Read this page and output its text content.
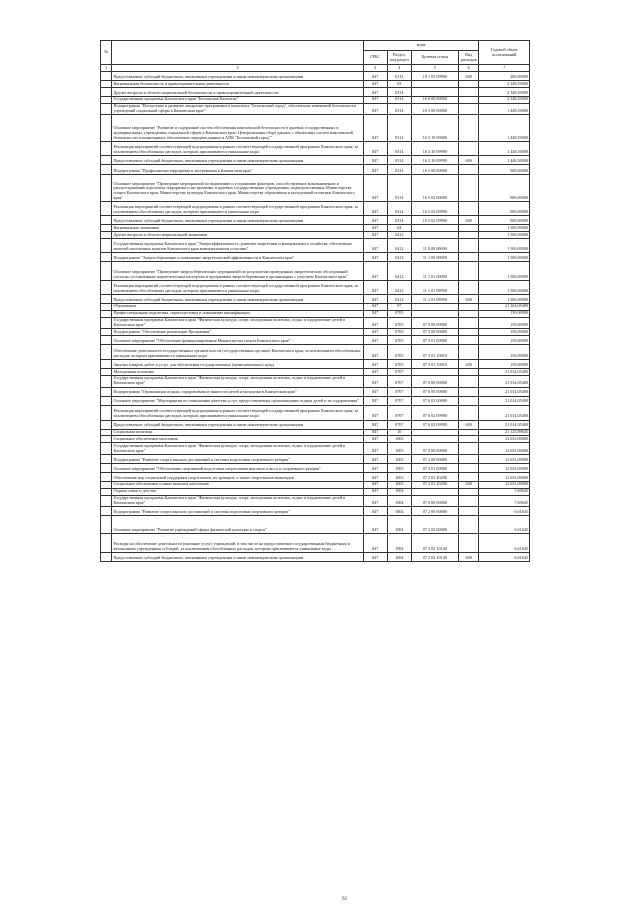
№		коды				Годовой объем ассигнований
		ГРБС	Раздел, под-раздел	Целевая статья	Вид расходов	
1	2	3	4	5	6	7
	Предоставление субсидий бюджетным, автономным учреждениям и иным некоммерческим организациям	847	0113	19 1 03 09990	600	280,00000
	Национальная безопасность и правоохранительная деятельность	847	03			2 348,50000
	Другие вопросы в области национальной безопасности и правоохранительной деятельности	847	0314			2 348,50000
	Государственная программа Камчатского края "Безопасная Камчатка"	847	0314	16 0 00 00000		2 348,50000
	Подпрограмма "Построение и развитие аппаратно-программного комплекса "Безопасный город", обеспечение изменений безопасности учреждений социальной сферы в Камчатском крае"	847	0314	16 3 00 00000		1 448,50000
	Основное мероприятие "Развитие и содержание систем обеспечения комплексной безопасности в краевых государственных и муниципальных учреждениях социальной сферы в Камчатском крае. Централизация сбора данных с объектовых систем комплексной безопасности и мониторинга, обеспечение передачи данных в АПК "Безопасный город""	847	0314	16 3 10 00000		1 448,50000
	Реализация мероприятий соответствующей подпрограммы в рамках соответствующей государственной программы Камчатского края, за исключением обособленных расходов, которым присваиваются уникальные коды	847	0314	16 3 10 09990		1 448,50000
	Предоставление субсидий бюджетным, автономным учреждениям и иным некоммерческим организациям	847	0314	16 3 10 09990	600	1 448,50000
	Подпрограмма "Профилактика терроризма и экстремизма в Камчатском крае"	847	0314	16 5 00 00000		900,00000
	Основное мероприятие "Проведение мероприятий по выявлению и устранению факторов, способствующих возникновению и распространению идеологии терроризма и экстремизма, в краевых государственных учреждениях, подведомственных Министерству спорта Камчатского края, Министерству культуры Камчатского края, Министерству образования и молодежной политики Камчатского края"	847	0314	16 5 02 00000		900,00000
	Реализация мероприятий соответствующей подпрограммы в рамках соответствующей государственной программы Камчатского края, за исключением обособленных расходов, которым присваиваются уникальные коды	847	0314	16 5 02 09990		900,00000
	Предоставление субсидий бюджетным, автономным учреждениям и иным некоммерческим организациям	847	0314	16 5 02 09990	600	900,00000
	Национальная экономика	847	04			1 500,00000
	Другие вопросы в области национальной экономики	847	0412			1 500,00000
	Государственная программа Камчатского края "Энергоэффективность, развитие энергетики и коммунального хозяйства, обеспечение жителей населенных пунктов Камчатского края коммунальными услугами"	847	0412	11 0 00 00000		1 500,00000
	Подпрограмма "Энергосбережение и повышение энергетической эффективности в Камчатском крае"	847	0412	11 1 00 00000		1 500,00000
	Основное мероприятие "Проведение энергосберегающих мероприятий по результатам проведенных энергетических обследований согласно составленным энергетическим паспортам и программам энергосбережения в организациях с участием Камчатского края"	847	0412	11 1 01 00000		1 500,00000
	Реализация мероприятий соответствующей подпрограммы в рамках соответствующей государственной программы Камчатского края, за исключением обособленных расходов, которым присваиваются уникальные коды	847	0412	11 1 01 09990		1 500,00000
	Предоставление субсидий бюджетным, автономным учреждениям и иным некоммерческим организациям	847	0412	11 1 01 09990	600	1 500,00000
	Образование	847	07			21 164,05400
	Профессиональная подготовка, переподготовка и повышение квалификации	847	0705			150,00000
	Государственная программа Камчатского края "Физическая культура, спорт, молодежная политика, отдых и оздоровление детей в Камчатском крае"	847	0705	07 0 00 00000		150,00000
	Подпрограмма "Обеспечение реализации Программы"	847	0705	07 3 00 00000		150,00000
	Основное мероприятие "Обеспечение функционирования Министерства спорта Камчатского края"	847	0705	07 3 01 00000		150,00000
	Обеспечение деятельности государственных органов власти (государственных органов) Камчатского края, за исключением обособленных расходов, которым присваиваются уникальные коды	847	0705	07 3 01 10010		150,00000
	Закупка товаров, работ и услуг для обеспечения государственных (муниципальных) нужд	847	0705	07 3 01 10010	200	150,00000
	Молодежная политика	847	0707			21 014,05400
	Государственная программа Камчатского края "Физическая культура, спорт, молодежная политика, отдых и оздоровление детей в Камчатском крае"	847	0707	07 0 00 00000		21 014,05400
	Подпрограмма "Организация отдыха, оздоровления и занятости детей и молодежи в Камчатском крае"	847	0707	07 6 00 00000		21 014,05400
	Основное мероприятие "Мероприятия по повышению качества услуг, предоставляемых организациями отдыха детей и их оздоровления"	847	0707	07 6 02 00000		21 014,05400
	Реализация мероприятий соответствующей подпрограммы в рамках соответствующей государственной программы Камчатского края, за исключением обособленных расходов, которым присваиваются уникальные коды	847	0707	07 6 02 09990		21 014,05400
	Предоставление субсидий бюджетным, автономным учреждениям и иным некоммерческим организациям	847	0707	07 6 02 09990	600	21 014,05400
	Социальная политика	847	10			21 125,89645
	Социальное обеспечение населения	847	1003			12 633,00000
	Государственная программа Камчатского края "Физическая культура, спорт, молодежная политика, отдых и оздоровление детей в Камчатском крае"	847	1003	07 0 00 00000		12 633,00000
	Подпрограмма "Развитие спорта высших достижений и системы подготовки спортивного резерва"	847	1003	07 2 00 00000		12 633,00000
	Основное мероприятие "Обеспечение спортивной подготовки спортсменов высокого класса и спортивного резерва"	847	1003	07 2 01 00000		12 633,00000
	Обеспечение мер социальной поддержки спортсменов, их тренеров, а также спортсменов-инвалидов	847	1003	07 2 01 20290		12 633,00000
	Социальное обеспечение и иные выплаты населению	847	1003	07 2 01 20290	300	12 633,00000
	Охрана семьи и детства	847	1004			7,69645
	Государственная программа Камчатского края "Физическая культура, спорт, молодежная политика, отдых и оздоровление детей в Камчатском крае"	847	1004	07 0 00 00000		7,69645
	Подпрограмма "Развитие спорта высших достижений и системы подготовки спортивного резерва"	847	1004	07 2 00 00000		6,61645
	Основное мероприятие "Развитие учреждений сферы физической культуры и спорта"	847	1004	07 2 02 00000		6,61645
	Расходы на обеспечение деятельности (оказание услуг) учреждений, в том числе на предоставление государственным бюджетным и автономным учреждениям субсидий, за исключением обособленных расходов, которым присваиваются уникальные коды	847	1004	07 2 02 10140		6,61645
	Предоставление субсидий бюджетным, автономным учреждениям и иным некоммерческим организациям	847	1004	07 2 02 10140	600	6,61645
92
